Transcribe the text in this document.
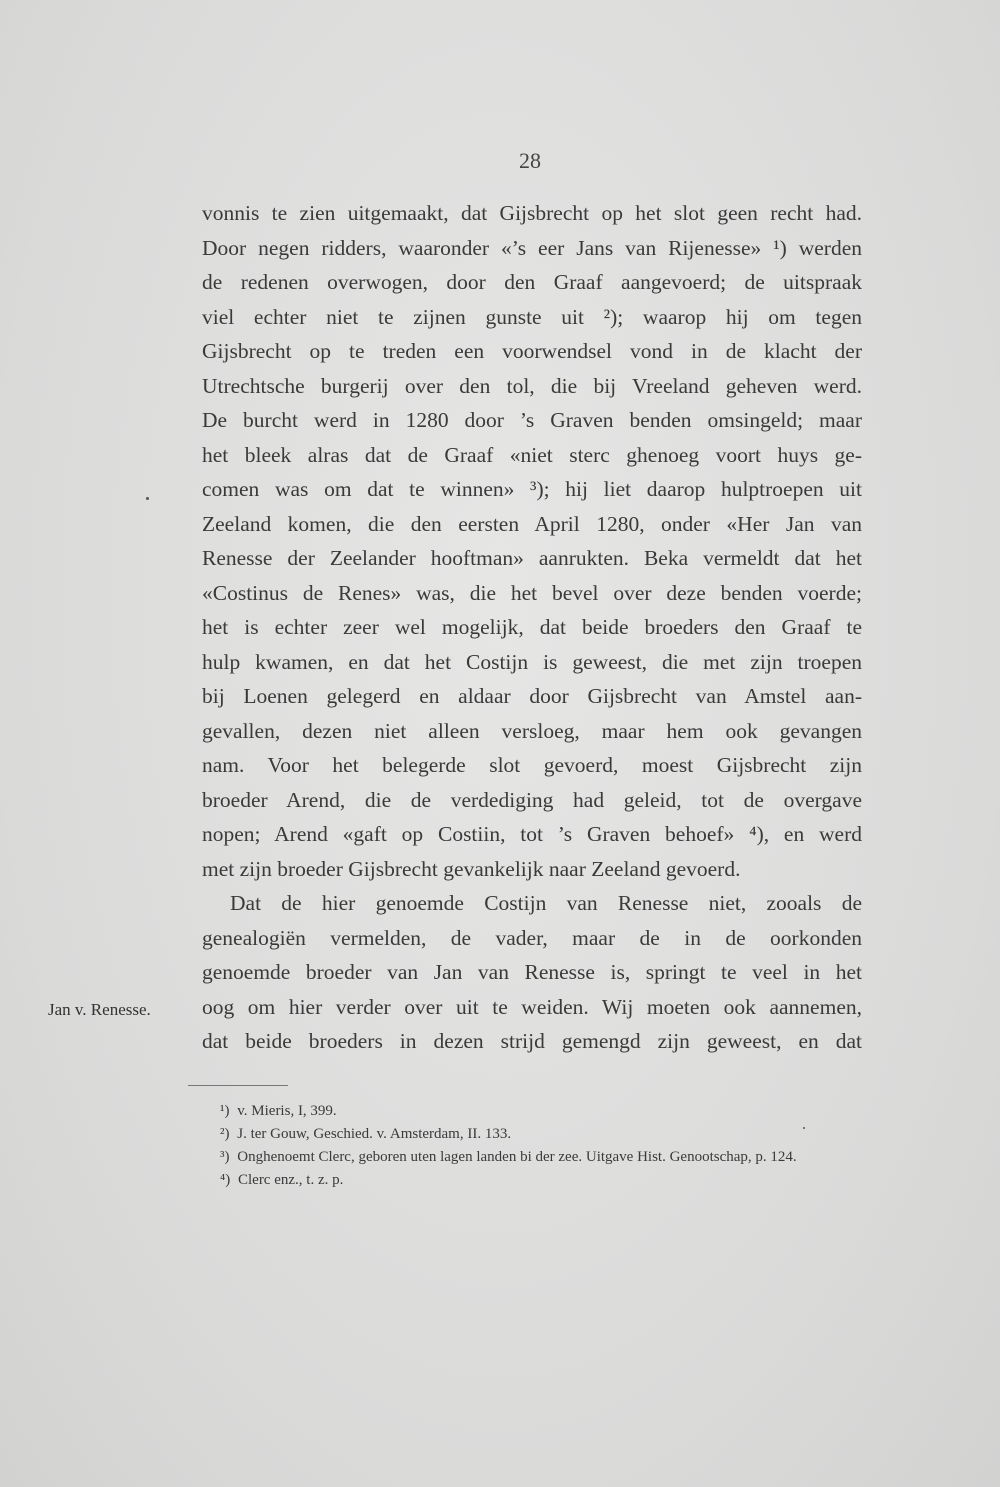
28
vonnis te zien uitgemaakt, dat Gijsbrecht op het slot geen recht had.
Door negen ridders, waaronder «’s eer Jans van Rijenesse» ¹) werden
de redenen overwogen, door den Graaf aangevoerd; de uitspraak
viel echter niet te zijnen gunste uit ²); waarop hij om tegen
Gijsbrecht op te treden een voorwendsel vond in de klacht der
Utrechtsche burgerij over den tol, die bij Vreeland geheven werd.
De burcht werd in 1280 door ’s Graven benden omsingeld; maar
het bleek alras dat de Graaf «niet sterc ghenoeg voort huys ge-
comen was om dat te winnen» ³); hij liet daarop hulptroepen uit
Zeeland komen, die den eersten April 1280, onder «Her Jan van
Renesse der Zeelander hooftman» aanrukten. Beka vermeldt dat het
«Costinus de Renes» was, die het bevel over deze benden voerde;
het is echter zeer wel mogelijk, dat beide broeders den Graaf te
hulp kwamen, en dat het Costijn is geweest, die met zijn troepen
bij Loenen gelegerd en aldaar door Gijsbrecht van Amstel aan-
gevallen, dezen niet alleen versloeg, maar hem ook gevangen
nam. Voor het belegerde slot gevoerd, moest Gijsbrecht zijn
broeder Arend, die de verdediging had geleid, tot de overgave
nopen; Arend «gaft op Costiin, tot ’s Graven behoef» ⁴), en werd
met zijn broeder Gijsbrecht gevankelijk naar Zeeland gevoerd.
Dat de hier genoemde Costijn van Renesse niet, zooals de
genealogiën vermelden, de vader, maar de in de oorkonden
genoemde broeder van Jan van Renesse is, springt te veel in het
oog om hier verder over uit te weiden. Wij moeten ook aannemen,
dat beide broeders in dezen strijd gemengd zijn geweest, en dat
Jan v. Renesse.
¹) v. Mieris, I, 399.
²) J. ter Gouw, Geschied. v. Amsterdam, II. 133.
³) Onghenoemt Clerc, geboren uten lagen landen bi der zee. Uitgave Hist. Genootschap, p. 124.
⁴) Clerc enz., t. z. p.
